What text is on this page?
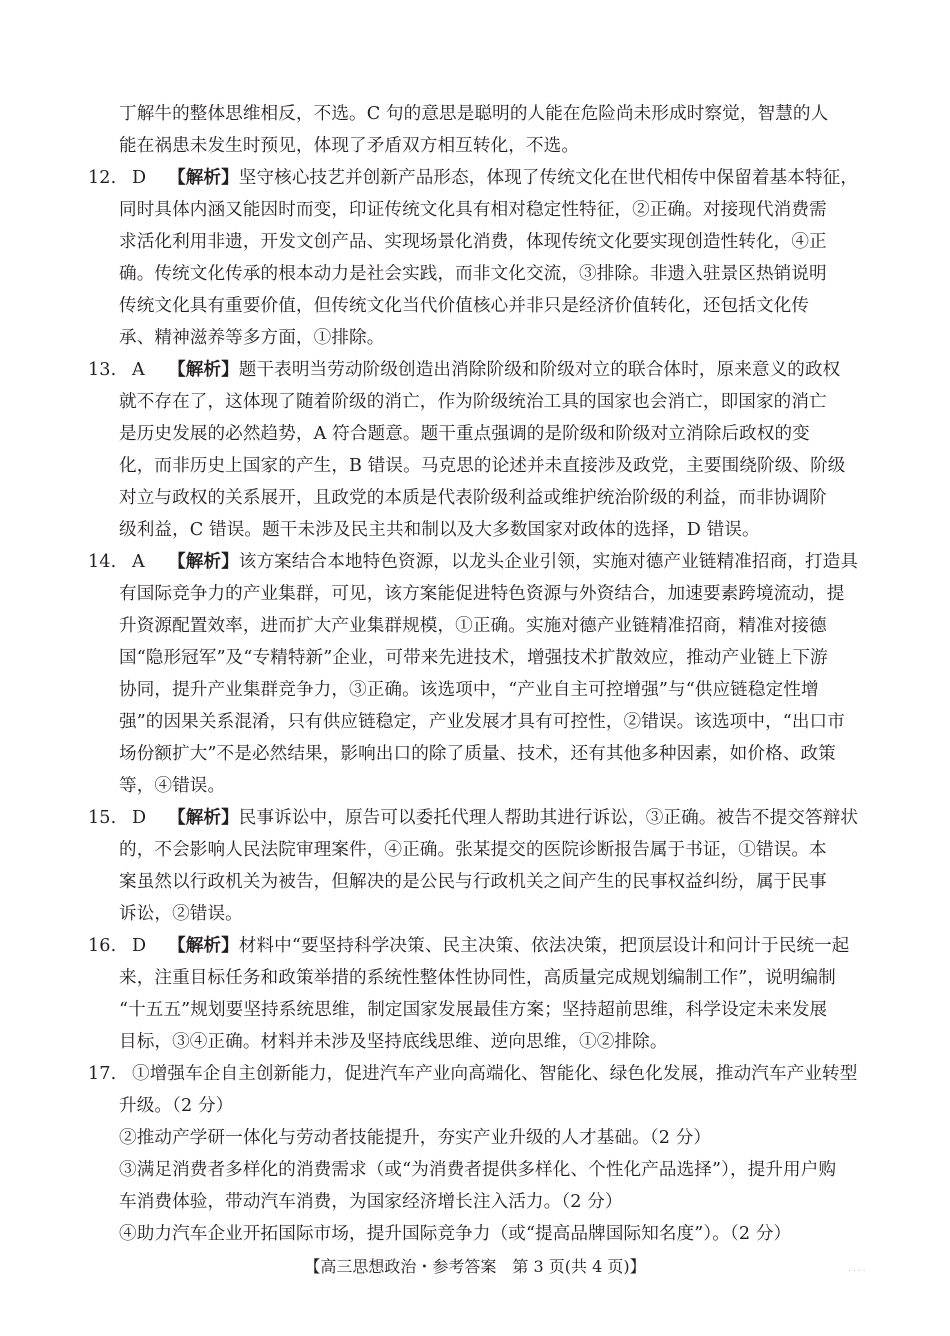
丁解牛的整体思维相反，不选。C 句的意思是聪明的人能在危险尚未形成时察觉，智慧的人
能在祸患未发生时预见，体现了矛盾双方相互转化，不选。
12. D 【解析】坚守核心技艺并创新产品形态，体现了传统文化在世代相传中保留着基本特征，
同时具体内涵又能因时而变，印证传统文化具有相对稳定性特征，②正确。对接现代消费需
求活化利用非遗，开发文创产品、实现场景化消费，体现传统文化要实现创造性转化，④正
确。传统文化传承的根本动力是社会实践，而非文化交流，③排除。非遗入驻景区热销说明
传统文化具有重要价值，但传统文化当代价值核心并非只是经济价值转化，还包括文化传
承、精神滋养等多方面，①排除。
13. A 【解析】题干表明当劳动阶级创造出消除阶级和阶级对立的联合体时，原来意义的政权
就不存在了，这体现了随着阶级的消亡，作为阶级统治工具的国家也会消亡，即国家的消亡
是历史发展的必然趋势，A 符合题意。题干重点强调的是阶级和阶级对立消除后政权的变
化，而非历史上国家的产生，B 错误。马克思的论述并未直接涉及政党，主要围绕阶级、阶级
对立与政权的关系展开，且政党的本质是代表阶级利益或维护统治阶级的利益，而非协调阶
级利益，C 错误。题干未涉及民主共和制以及大多数国家对政体的选择，D 错误。
14. A 【解析】该方案结合本地特色资源，以龙头企业引领，实施对德产业链精准招商，打造具
有国际竞争力的产业集群，可见，该方案能促进特色资源与外资结合，加速要素跨境流动，提
升资源配置效率，进而扩大产业集群规模，①正确。实施对德产业链精准招商，精准对接德
国“隐形冠军”及“专精特新”企业，可带来先进技术，增强技术扩散效应，推动产业链上下游
协同，提升产业集群竞争力，③正确。该选项中，“产业自主可控增强”与“供应链稳定性增
强”的因果关系混淆，只有供应链稳定，产业发展才具有可控性，②错误。该选项中，“出口市
场份额扩大”不是必然结果，影响出口的除了质量、技术，还有其他多种因素，如价格、政策
等，④错误。
15. D 【解析】民事诉讼中，原告可以委托代理人帮助其进行诉讼，③正确。被告不提交答辩状
的，不会影响人民法院审理案件，④正确。张某提交的医院诊断报告属于书证，①错误。本
案虽然以行政机关为被告，但解决的是公民与行政机关之间产生的民事权益纠纷，属于民事
诉讼，②错误。
16. D 【解析】材料中“要坚持科学决策、民主决策、依法决策，把顶层设计和问计于民统一起
来，注重目标任务和政策举措的系统性整体性协同性，高质量完成规划编制工作”，说明编制
“十五五”规划要坚持系统思维，制定国家发展最佳方案；坚持超前思维，科学设定未来发展
目标，③④正确。材料并未涉及坚持底线思维、逆向思维，①②排除。
17. ①增强车企自主创新能力，促进汽车产业向高端化、智能化、绿色化发展，推动汽车产业转型
升级。（2 分）
②推动产学研一体化与劳动者技能提升，夯实产业升级的人才基础。（2 分）
③满足消费者多样化的消费需求（或“为消费者提供多样化、个性化产品选择”），提升用户购
车消费体验，带动汽车消费，为国家经济增长注入活力。（2 分）
④助力汽车企业开拓国际市场，提升国际竞争力（或“提高品牌国际知名度”）。（2 分）
【高三思想政治・参考答案　第 3 页(共 4 页)】	....
